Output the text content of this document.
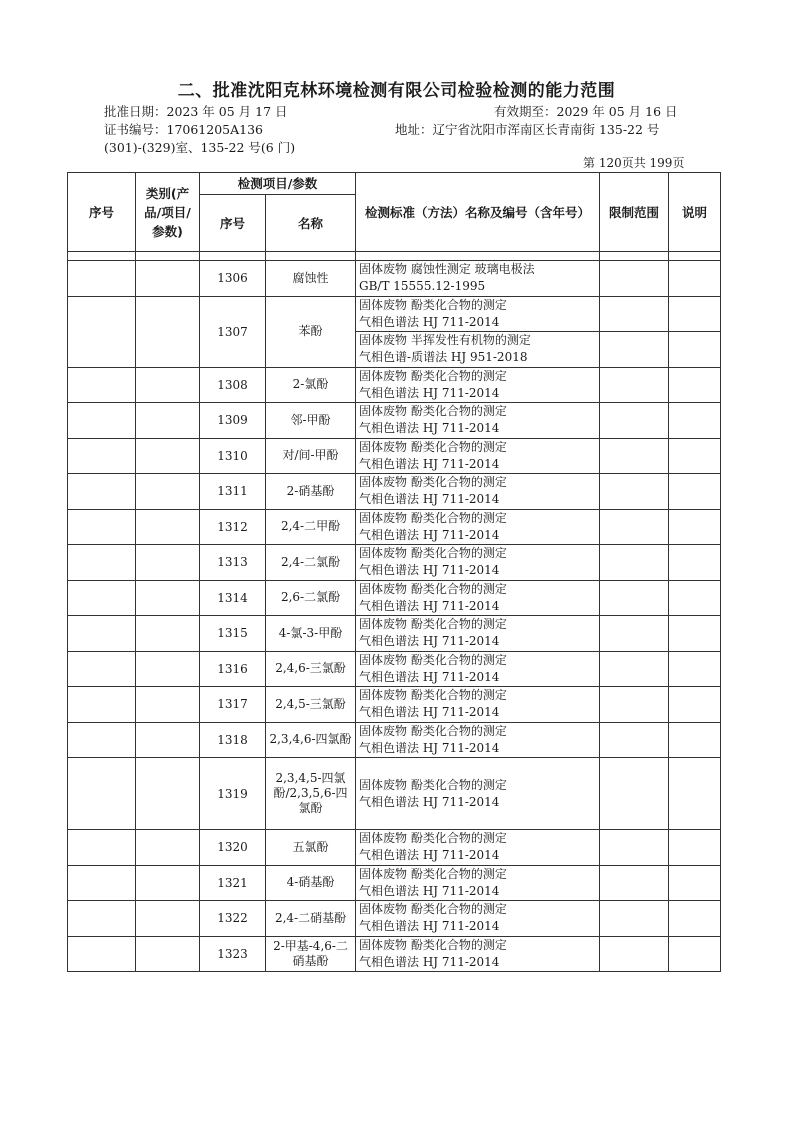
二、批准沈阳克林环境检测有限公司检验检测的能力范围
批准日期：2023 年 05 月 17 日	有效期至：2029 年 05 月 16 日
证书编号：17061205A136	地址：辽宁省沈阳市浑南区长青南街 135-22 号
(301)-(329)室、135-22 号(6 门)
第 120页共 199页
序号	类别(产品/项目/参数)	检测项目/参数		检测标准（方法）名称及编号（含年号）	限制范围	说明
		序号	名称			

		1306	腐蚀性	固体废物 腐蚀性测定 玻璃电极法
GB/T 15555.12-1995		

		1307	苯酚	固体废物 酚类化合物的测定
气相色谱法 HJ 711-2014		

				固体废物 半挥发性有机物的测定
气相色谱-质谱法 HJ 951-2018		

		1308	2-氯酚	固体废物 酚类化合物的测定
气相色谱法 HJ 711-2014		

		1309	邻-甲酚	固体废物 酚类化合物的测定
气相色谱法 HJ 711-2014		

		1310	对/间-甲酚	固体废物 酚类化合物的测定
气相色谱法 HJ 711-2014		

		1311	2-硝基酚	固体废物 酚类化合物的测定
气相色谱法 HJ 711-2014		

		1312	2,4-二甲酚	固体废物 酚类化合物的测定
气相色谱法 HJ 711-2014		

		1313	2,4-二氯酚	固体废物 酚类化合物的测定
气相色谱法 HJ 711-2014		

		1314	2,6-二氯酚	固体废物 酚类化合物的测定
气相色谱法 HJ 711-2014		

		1315	4-氯-3-甲酚	固体废物 酚类化合物的测定
气相色谱法 HJ 711-2014		

		1316	2,4,6-三氯酚	固体废物 酚类化合物的测定
气相色谱法 HJ 711-2014		

		1317	2,4,5-三氯酚	固体废物 酚类化合物的测定
气相色谱法 HJ 711-2014		

		1318	2,3,4,6-四氯酚	固体废物 酚类化合物的测定
气相色谱法 HJ 711-2014		

		1319	2,3,4,5-四氯酚/2,3,5,6-四氯酚	固体废物 酚类化合物的测定
气相色谱法 HJ 711-2014		

		1320	五氯酚	固体废物 酚类化合物的测定
气相色谱法 HJ 711-2014		

		1321	4-硝基酚	固体废物 酚类化合物的测定
气相色谱法 HJ 711-2014		

		1322	2,4-二硝基酚	固体废物 酚类化合物的测定
气相色谱法 HJ 711-2014		

		1323	2-甲基-4,6-二硝基酚	固体废物 酚类化合物的测定
气相色谱法 HJ 711-2014		
